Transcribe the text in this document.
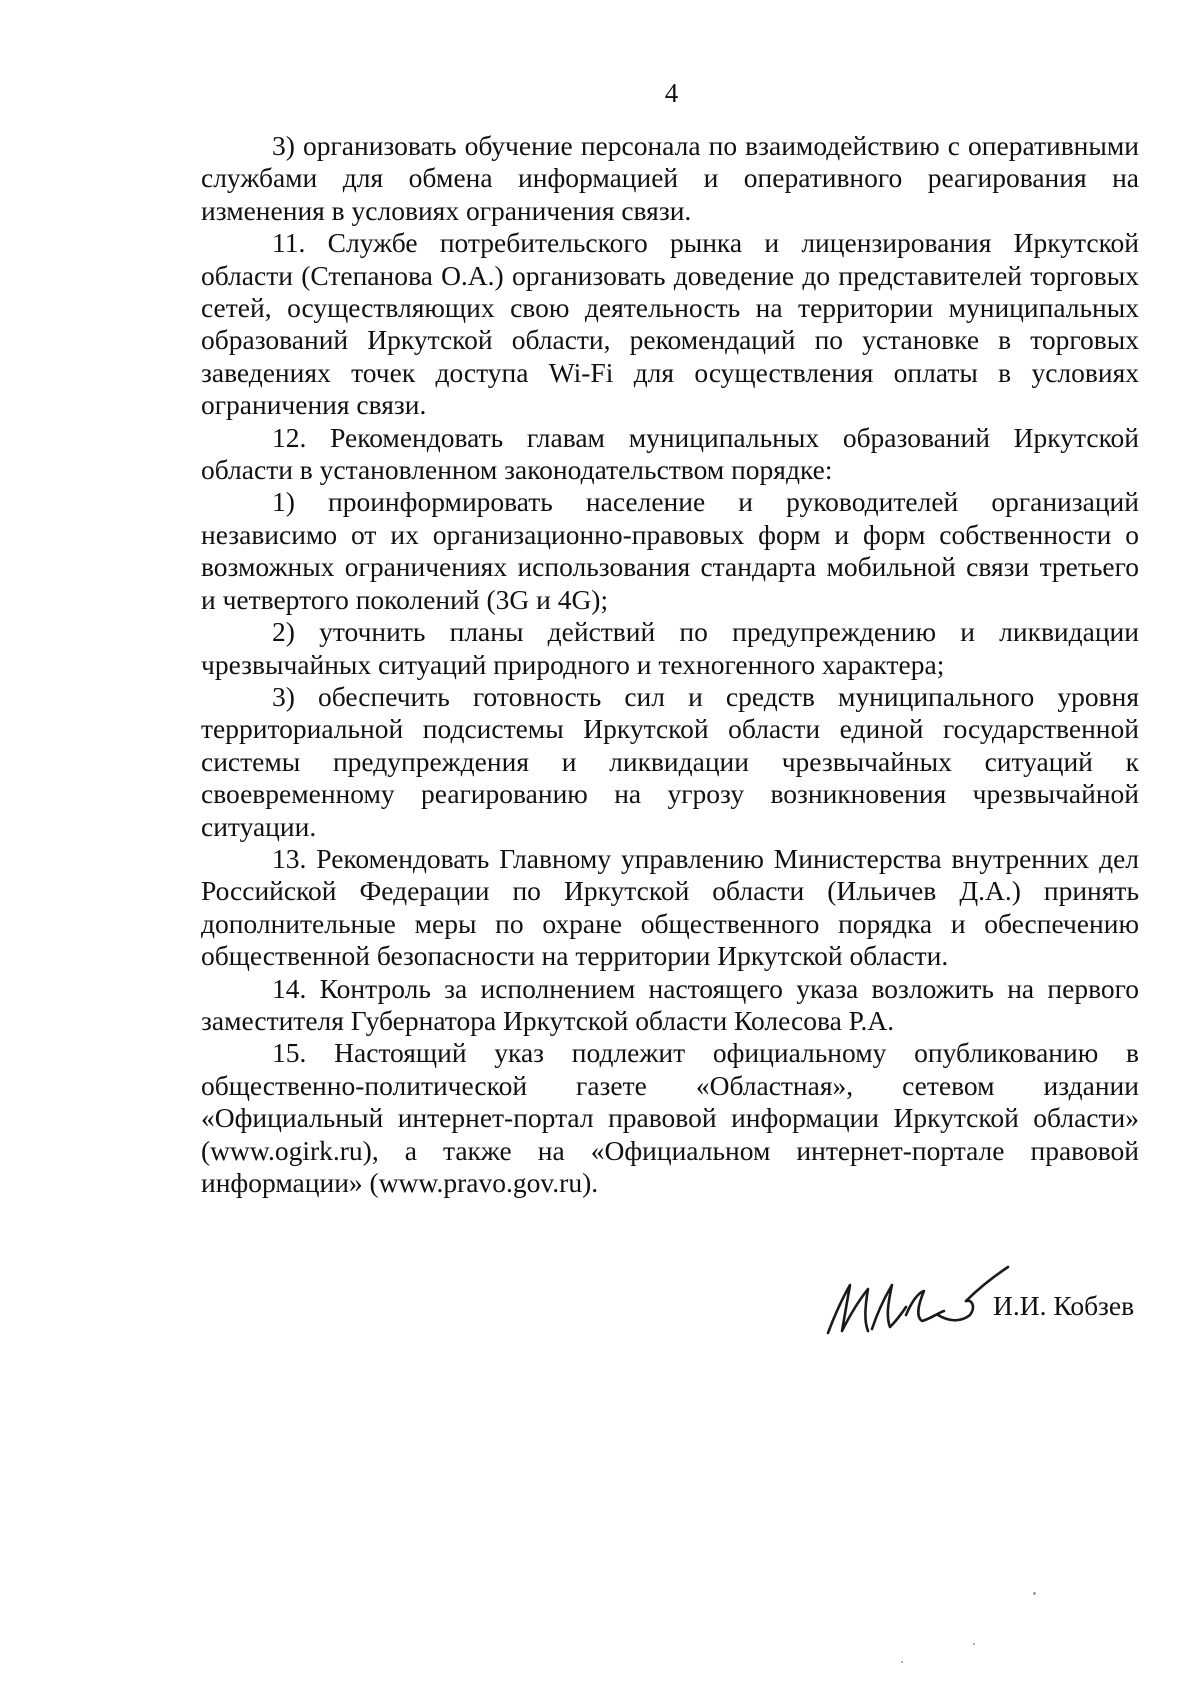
4

3) организовать обучение персонала по взаимодействию с оперативными службами для обмена информацией и оперативного реагирования на изменения в условиях ограничения связи.

11. Службе потребительского рынка и лицензирования Иркутской области (Степанова О.А.) организовать доведение до представителей торговых сетей, осуществляющих свою деятельность на территории муниципальных образований Иркутской области, рекомендаций по установке в торговых заведениях точек доступа Wi-Fi для осуществления оплаты в условиях ограничения связи.

12. Рекомендовать главам муниципальных образований Иркутской области в установленном законодательством порядке:

1) проинформировать население и руководителей организаций независимо от их организационно-правовых форм и форм собственности о возможных ограничениях использования стандарта мобильной связи третьего и четвертого поколений (3G и 4G);

2) уточнить планы действий по предупреждению и ликвидации чрезвычайных ситуаций природного и техногенного характера;

3) обеспечить готовность сил и средств муниципального уровня территориальной подсистемы Иркутской области единой государственной системы предупреждения и ликвидации чрезвычайных ситуаций к своевременному реагированию на угрозу возникновения чрезвычайной ситуации.

13. Рекомендовать Главному управлению Министерства внутренних дел Российской Федерации по Иркутской области (Ильичев Д.А.) принять дополнительные меры по охране общественного порядка и обеспечению общественной безопасности на территории Иркутской области.

14. Контроль за исполнением настоящего указа возложить на первого заместителя Губернатора Иркутской области Колесова Р.А.

15. Настоящий указ подлежит официальному опубликованию в общественно-политической газете «Областная», сетевом издании «Официальный интернет-портал правовой информации Иркутской области» (www.ogirk.ru), а также на «Официальном интернет-портале правовой информации» (www.pravo.gov.ru).

И.И. Кобзев
